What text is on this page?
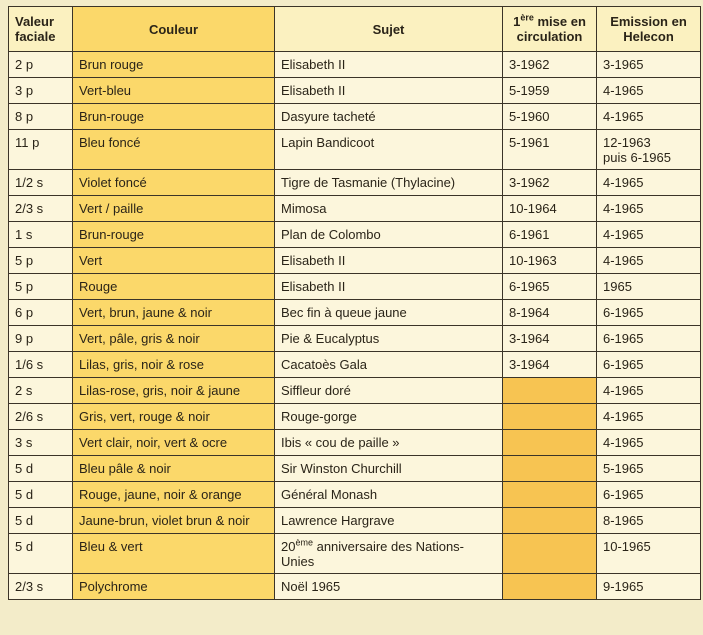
Valeur faciale	Couleur	Sujet	1ère mise en circulation	Emission en Helecon
2 p	Brun rouge	Elisabeth II	3-1962	3-1965
3 p	Vert-bleu	Elisabeth II	5-1959	4-1965
8 p	Brun-rouge	Dasyure tacheté	5-1960	4-1965
11 p	Bleu foncé	Lapin Bandicoot	5-1961	12-1963
puis 6-1965

1/2 s	Violet foncé	Tigre de Tasmanie (Thylacine)	3-1962	4-1965
2/3 s	Vert / paille	Mimosa	10-1964	4-1965
1 s	Brun-rouge	Plan de Colombo	6-1961	4-1965
5 p	Vert	Elisabeth II	10-1963	4-1965
5 p	Rouge	Elisabeth II	6-1965	1965
6 p	Vert, brun, jaune & noir	Bec fin à queue jaune	8-1964	6-1965
9 p	Vert, pâle, gris & noir	Pie & Eucalyptus	3-1964	6-1965
1/6 s	Lilas, gris, noir & rose	Cacatoès Gala	3-1964	6-1965
2 s	Lilas-rose, gris, noir & jaune	Siffleur doré		4-1965
2/6 s	Gris, vert, rouge & noir	Rouge-gorge		4-1965
3 s	Vert clair, noir, vert & ocre	Ibis « cou de paille »		4-1965
5 d	Bleu pâle & noir	Sir Winston Churchill		5-1965
5 d	Rouge, jaune, noir & orange	Général Monash		6-1965
5 d	Jaune-brun, violet brun & noir	Lawrence Hargrave		8-1965
5 d	Bleu & vert	20ème anniversaire des Nations-
Unies		10-1965
2/3 s	Polychrome	Noël 1965		9-1965
